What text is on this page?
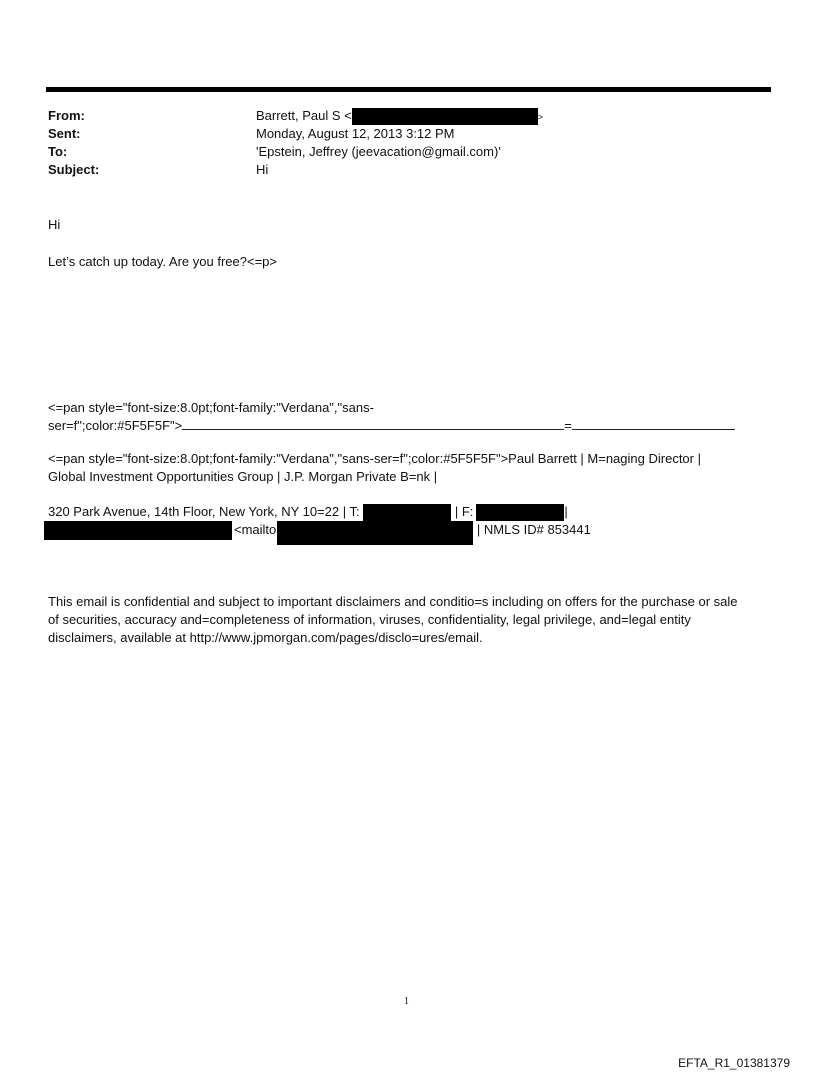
From:	Barrett, Paul S <	>
Sent:	Monday, August 12, 2013 3:12 PM
To:	'Epstein, Jeffrey (jeevacation@gmail.com)'
Subject:	Hi
Hi
Let’s catch up today. Are you free?<=p>
<=pan style="font-size:8.0pt;font-family:"Verdana","sans-
ser=f";color:#5F5F5F">	=
<=pan style="font-size:8.0pt;font-family:"Verdana","sans-ser=f";color:#5F5F5F">Paul Barrett | M=naging Director |
Global Investment Opportunities Group | J.P. Morgan Private B=nk |
320 Park Avenue, 14th Floor, New York, NY 10=22 | T:	| F:	|
<mailto	| NMLS ID# 853441
This email is confidential and subject to important disclaimers and conditio=s including on offers for the purchase or sale
of securities, accuracy and=completeness of information, viruses, confidentiality, legal privilege, and=legal entity
disclaimers, available at http://www.jpmorgan.com/pages/disclo=ures/email.
1
EFTA_R1_01381379
